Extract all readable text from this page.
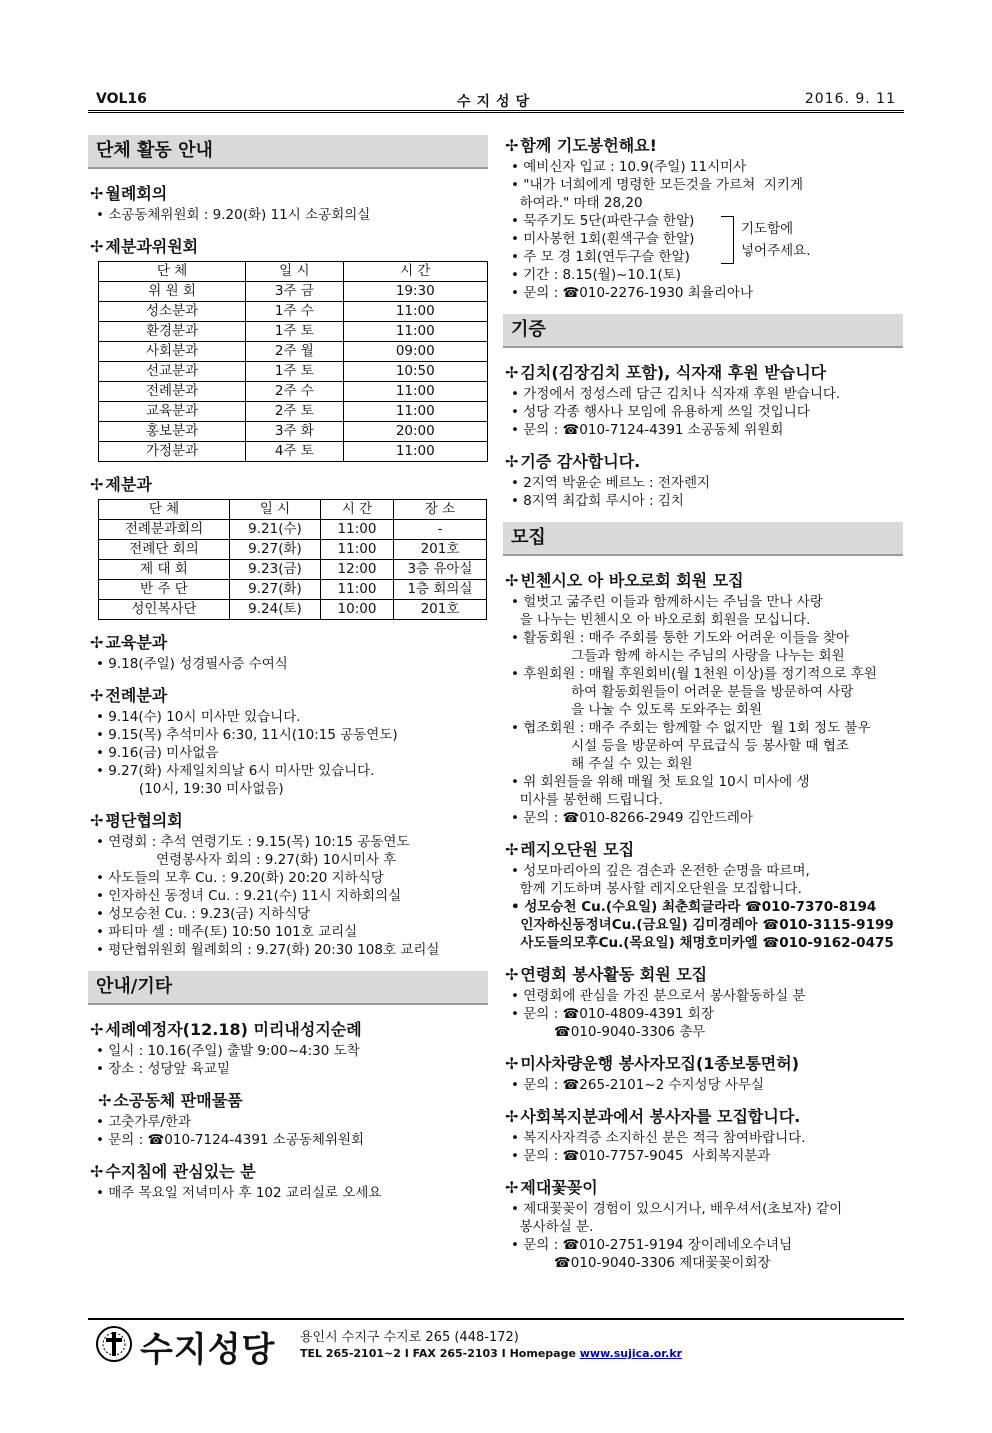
VOL16	수지성당	2016. 9. 11
단체 활동 안내
✢ 월례회의
• 소공동체위원회 : 9.20(화) 11시 소공회의실
✢ 제분과위원회
단 체	일 시	시 간
위 원 회	3주 금	19:30
성소분과	1주 수	11:00
환경분과	1주 토	11:00
사회분과	2주 월	09:00
선교분과	1주 토	10:50
전례분과	2주 수	11:00
교육분과	2주 토	11:00
홍보분과	3주 화	20:00
가정분과	4주 토	11:00
✢ 제분과
단 체	일 시	시 간	장 소
전례분과회의	9.21(수)	11:00	-
전례단 회의	9.27(화)	11:00	201호
제 대 회	9.23(금)	12:00	3층 유아실
반 주 단	9.27(화)	11:00	1층 회의실
성인복사단	9.24(토)	10:00	201호
✢ 교육분과
• 9.18(주일) 성경필사증 수여식
✢ 전례분과
• 9.14(수) 10시 미사만 있습니다.
• 9.15(목) 추석미사 6:30, 11시(10:15 공동연도)
• 9.16(금) 미사없음
• 9.27(화) 사제일치의날 6시 미사만 있습니다.
(10시, 19:30 미사없음)
✢ 평단협의회
• 연령회 : 추석 연령기도 : 9.15(목) 10:15 공동연도
연령봉사자 회의 : 9.27(화) 10시미사 후
• 사도들의 모후 Cu. : 9.20(화) 20:20 지하식당
• 인자하신 동정녀 Cu. : 9.21(수) 11시 지하회의실
• 성모승천 Cu. : 9.23(금) 지하식당
• 파티마 셀 : 매주(토) 10:50 101호 교리실
• 평단협위원회 월례회의 : 9.27(화) 20:30 108호 교리실
안내/기타
✢ 세례예정자(12.18) 미리내성지순례
• 일시 : 10.16(주일) 출발 9:00~4:30 도착
• 장소 : 성당앞 육교밑
✢ 소공동체 판매물품
• 고춧가루/한과
• 문의 : ☎010-7124-4391 소공동체위원회
✢ 수지침에 관심있는 분
• 매주 목요일 저녁미사 후 102 교리실로 오세요
✢ 함께 기도봉헌해요!
• 예비신자 입교 : 10.9(주일) 11시미사
• "내가 너희에게 명령한 모든것을 가르쳐  지키게
하여라." 마태 28,20
• 묵주기도 5단(파란구슬 한알)
• 미사봉헌 1회(흰색구슬 한알)
• 주 모 경 1회(연두구슬 한알)
기도함에
넣어주세요.
• 기간 : 8.15(월)~10.1(토)
• 문의 : ☎010-2276-1930 최율리아나
기증
✢ 김치(김장김치 포함), 식자재 후원 받습니다
• 가정에서 정성스레 담근 김치나 식자재 후원 받습니다.
• 성당 각종 행사나 모임에 유용하게 쓰일 것입니다
• 문의 : ☎010-7124-4391 소공동체 위원회
✢ 기증 감사합니다.
• 2지역 박윤순 베르노 : 전자렌지
• 8지역 최갑희 루시아 : 김치
모집
✢ 빈첸시오 아 바오로회 회원 모집
• 헐벗고 굶주린 이들과 함께하시는 주님을 만나 사랑
을 나누는 빈첸시오 아 바오로회 회원을 모십니다.
• 활동회원 : 매주 주회를 통한 기도와 어려운 이들을 찾아
그들과 함께 하시는 주님의 사랑을 나누는 회원
• 후원회원 : 매월 후원회비(월 1천원 이상)를 정기적으로 후원
하여 활동회원들이 어려운 분들을 방문하여 사랑
을 나눌 수 있도록 도와주는 회원
• 협조회원 : 매주 주회는 함께할 수 없지만  월 1회 정도 불우
시설 등을 방문하여 무료급식 등 봉사할 때 협조
해 주실 수 있는 회원
• 위 회원들을 위해 매월 첫 토요일 10시 미사에 생
미사를 봉헌해 드립니다.
• 문의 : ☎010-8266-2949 김안드레아
✢ 레지오단원 모집
• 성모마리아의 깊은 겸손과 온전한 순명을 따르며,
함께 기도하며 봉사할 레지오단원을 모집합니다.
• 성모승천 Cu.(수요일) 최춘희글라라 ☎010-7370-8194
인자하신동정녀Cu.(금요일) 김미경레아 ☎010-3115-9199
사도들의모후Cu.(목요일) 채명호미카엘 ☎010-9162-0475
✢ 연령회 봉사활동 회원 모집
• 연령회에 관심을 가진 분으로서 봉사활동하실 분
• 문의 : ☎010-4809-4391 회장
☎010-9040-3306 총무
✢ 미사차량운행 봉사자모집(1종보통면허)
• 문의 : ☎265-2101~2 수지성당 사무실
✢ 사회복지분과에서 봉사자를 모집합니다.
• 복지사자격증 소지하신 분은 적극 참여바랍니다.
• 문의 : ☎010-7757-9045  사회복지분과
✢ 제대꽃꽂이
• 제대꽃꽂이 경험이 있으시거나, 배우셔서(초보자) 같이
봉사하실 분.
• 문의 : ☎010-2751-9194 장이레네오수녀님
☎010-9040-3306 제대꽃꽂이회장
수지성당 용인시 수지구 수지로 265 (448-172)
TEL 265-2101~2 I FAX 265-2103 I Homepage www.sujica.or.kr
